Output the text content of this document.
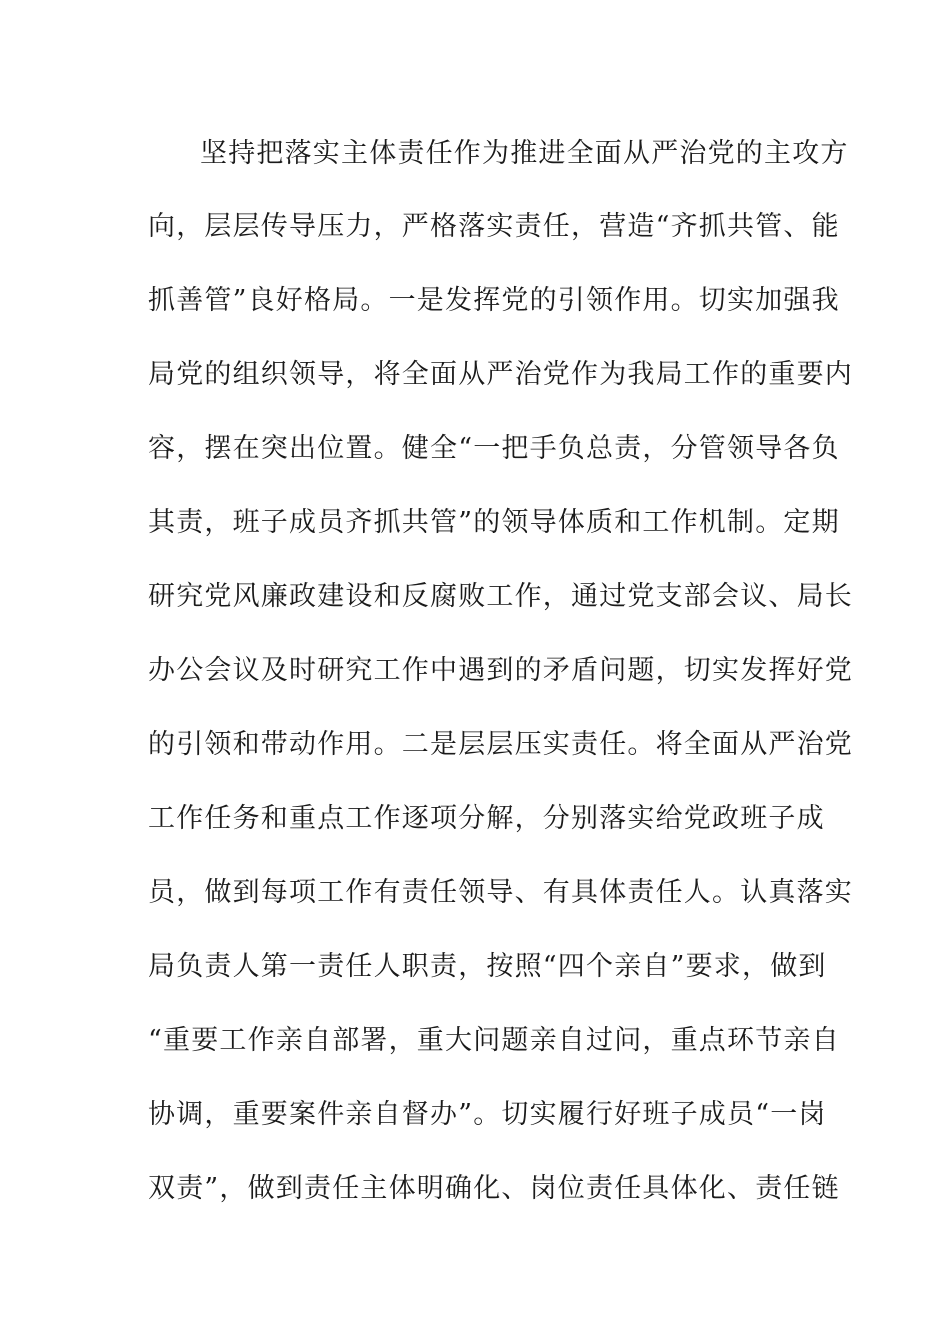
坚持把落实主体责任作为推进全面从严治党的主攻方
向，层层传导压力，严格落实责任，营造“齐抓共管、能
抓善管”良好格局。一是发挥党的引领作用。切实加强我
局党的组织领导，将全面从严治党作为我局工作的重要内
容，摆在突出位置。健全“一把手负总责，分管领导各负
其责，班子成员齐抓共管”的领导体质和工作机制。定期
研究党风廉政建设和反腐败工作，通过党支部会议、局长
办公会议及时研究工作中遇到的矛盾问题，切实发挥好党
的引领和带动作用。二是层层压实责任。将全面从严治党
工作任务和重点工作逐项分解，分别落实给党政班子成
员，做到每项工作有责任领导、有具体责任人。认真落实
局负责人第一责任人职责，按照“四个亲自”要求，做到
“重要工作亲自部署，重大问题亲自过问，重点环节亲自
协调，重要案件亲自督办”。切实履行好班子成员“一岗
双责”，做到责任主体明确化、岗位责任具体化、责任链
